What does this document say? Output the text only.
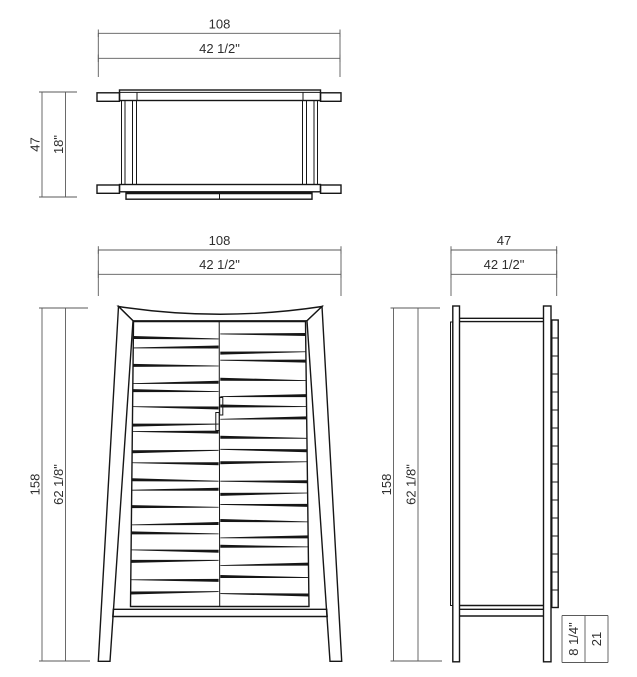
108
42 1/2"
47 18"
108
42 1/2"
158 62 1/8"
47
42 1/2"
158 62 1/8"
8 1/4" 21
